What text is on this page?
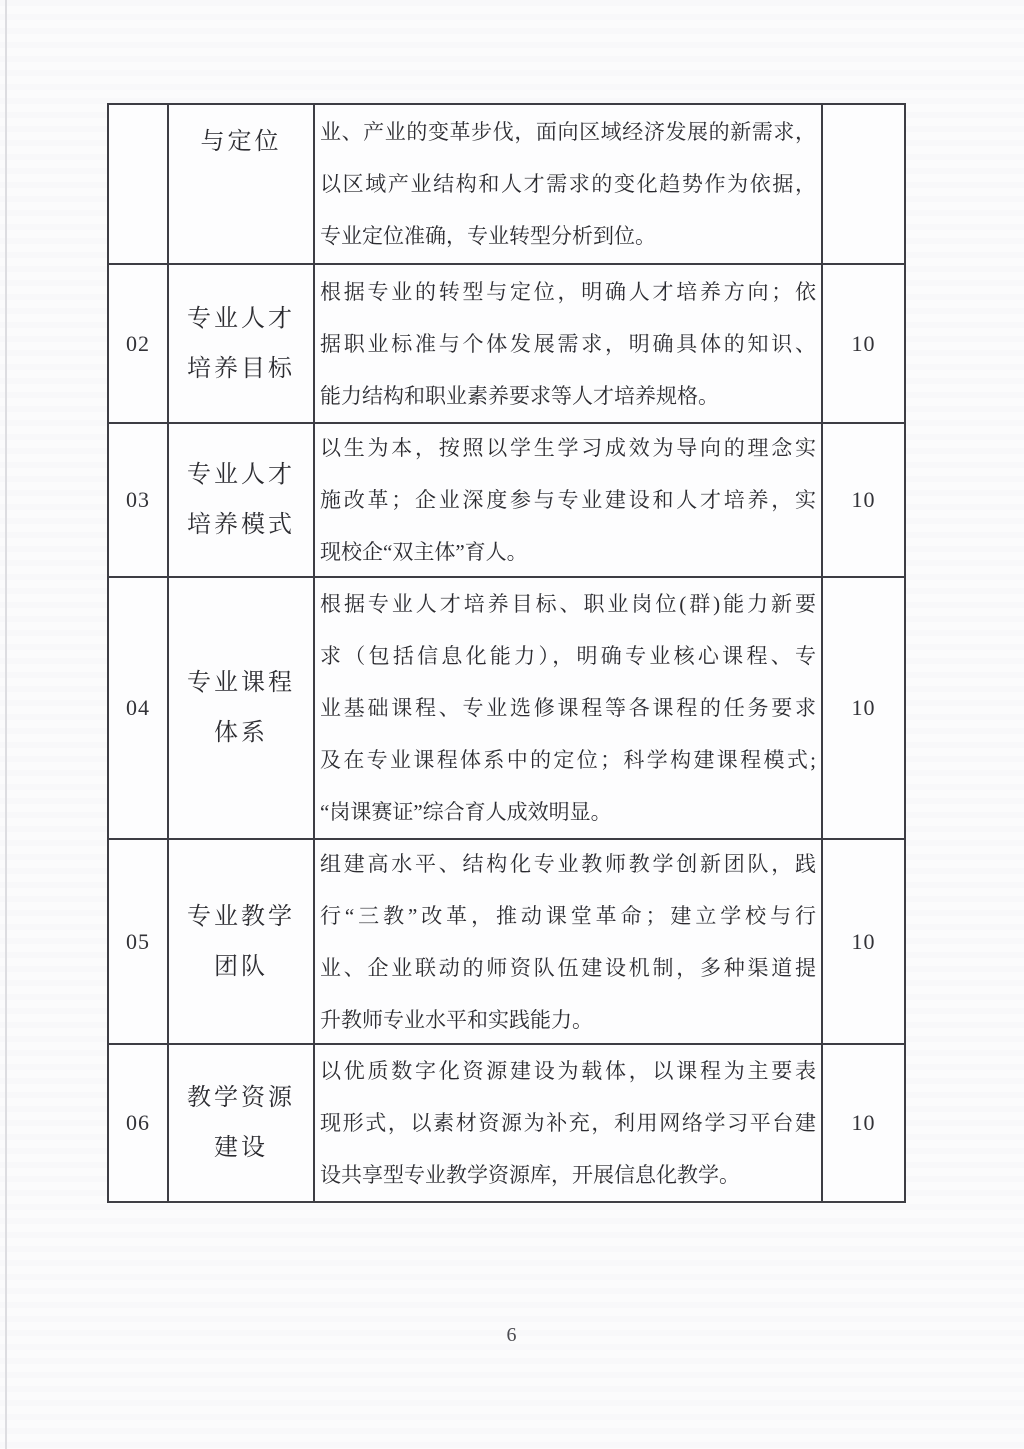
与定位 业、产业的变革步伐，面向区域经济发展的新需求，
以区域产业结构和人才需求的变化趋势作为依据，
专业定位准确，专业转型分析到位。
02
专业人才
培养目标
根据专业的转型与定位，明确人才培养方向；依
据职业标准与个体发展需求，明确具体的知识、
能力结构和职业素养要求等人才培养规格。
10
03
专业人才
培养模式
以生为本，按照以学生学习成效为导向的理念实
施改革；企业深度参与专业建设和人才培养，实
现校企“双主体”育人。
10
04
专业课程
体系
根据专业人才培养目标、职业岗位(群)能力新要
求（包括信息化能力），明确专业核心课程、专
业基础课程、专业选修课程等各课程的任务要求
及在专业课程体系中的定位；科学构建课程模式;
“岗课赛证”综合育人成效明显。
10
05
专业教学
团队
组建高水平、结构化专业教师教学创新团队，践
行“三教”改革，推动课堂革命；建立学校与行
业、企业联动的师资队伍建设机制，多种渠道提
升教师专业水平和实践能力。
10
06
教学资源
建设
以优质数字化资源建设为载体，以课程为主要表
现形式，以素材资源为补充，利用网络学习平台建
设共享型专业教学资源库，开展信息化教学。
10
6
